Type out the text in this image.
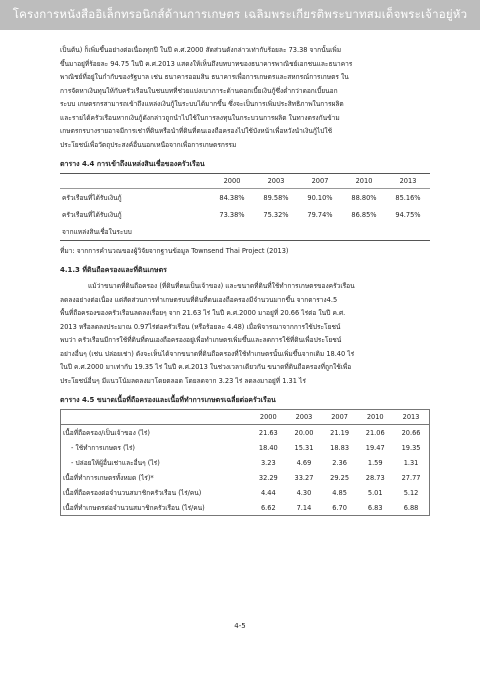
โครงการหนังสืออิเล็กทรอนิกส์ด้านการเกษตร เฉลิมพระเกียรติพระบาทสมเด็จพระเจ้าอยู่หัว
เป็นต้น) ก็เพิ่มขึ้นอย่างต่อเนื่องทุกปี ในปี ค.ศ.2000 สัดส่วนดังกล่าวเท่ากับร้อยละ 73.38 จากนั้นเพิ่ม
ขึ้นมาอยู่ที่ร้อยละ 94.75 ในปี ค.ศ.2013 แสดงให้เห็นถึงบทบาทของธนาคารพาณิชย์เอกชนและธนาคาร
พาณิชย์ที่อยู่ในกำกับของรัฐบาล เช่น ธนาคารออมสิน ธนาคารเพื่อการเกษตรและสหกรณ์การเกษตร ใน
การจัดหาเงินทุนให้กับครัวเรือนในชนบทที่ช่วยแบ่งเบาภาระด้านดอกเบี้ยเงินกู้ซึ่งต่ำกว่าดอกเบี้ยนอก
ระบบ เกษตรกรสามารถเข้าถึงแหล่งเงินกู้ในระบบได้มากขึ้น ซึ่งจะเป็นการเพิ่มประสิทธิภาพในการผลิต
และรายได้ครัวเรือนหากเงินกู้ดังกล่าวถูกนำไปใช้ในการลงทุนในกระบวนการผลิต ในทางตรงกันข้าม
เกษตรกรบางรายอาจมีการเช่าที่ดินหรือนำที่ดินที่ตนเองถือครองไปใช้บังหน้าเพื่อหวังนำเงินกู้ไปใช้
ประโยชน์เพื่อวัตถุประสงค์อื่นนอกเหนือจากเพื่อการเกษตรกรรม
ตาราง 4.4 การเข้าถึงแหล่งสินเชื่อของครัวเรือน
	2000	2003	2007	2010	2013
ครัวเรือนที่ได้รับเงินกู้	84.38%	89.58%	90.10%	88.80%	85.16%
ครัวเรือนที่ได้รับเงินกู้	73.38%	75.32%	79.74%	86.85%	94.75%
จากแหล่งสินเชื่อในระบบ					
ที่มา: จากการคำนวณของผู้วิจัยจากฐานข้อมูล Townsend Thai Project (2013)
4.1.3 ที่ดินถือครองและที่ดินเกษตร
แม้ว่าขนาดที่ดินถือครอง (ที่ดินที่ตนเป็นเจ้าของ) และขนาดที่ดินที่ใช้ทำการเกษตรของครัวเรือน
ลดลงอย่างต่อเนื่อง แต่สัดส่วนการทำเกษตรบนที่ดินที่ตนเองถือครองมีจำนวนมากขึ้น จากตาราง4.5
พื้นที่ถือครองของครัวเรือนลดลงเรื่อยๆ จาก 21.63 ไร่ ในปี ค.ศ.2000 มาอยู่ที่ 20.66 ไร่ต่อ ในปี ค.ศ.
2013 หรือลดลงประมาณ 0.97ไร่ต่อครัวเรือน (หรือร้อยละ 4.48) เมื่อพิจารณาจากการใช้ประโยชน์
พบว่า ครัวเรือนมีการใช้ที่ดินที่ตนเองถือครองอยู่เพื่อทำเกษตรเพิ่มขึ้นและลดการใช้ที่ดินเพื่อประโยชน์
อย่างอื่นๆ (เช่น ปล่อยเช่า) ดังจะเห็นได้จากขนาดที่ดินถือครองที่ใช้ทำเกษตรนั้นเพิ่มขึ้นจากเดิม 18.40 ไร่
ในปี ค.ศ.2000 มาเท่ากับ 19.35 ไร่ ในปี ค.ศ.2013 ในช่วงเวลาเดียวกัน ขนาดที่ดินถือครองที่ถูกใช้เพื่อ
ประโยชน์อื่นๆ มีแนวโน้มลดลงมาโดยตลอด โดยลดจาก 3.23 ไร่ ลดลงมาอยู่ที่ 1.31 ไร่
ตาราง 4.5 ขนาดเนื้อที่ถือครองและเนื้อที่ทำการเกษตรเฉลี่ยต่อครัวเรือน
	2000	2003	2007	2010	2013
เนื้อที่ถือครอง/เป็นเจ้าของ (ไร่)	21.63	20.00	21.19	21.06	20.66
- ใช้ทำการเกษตร (ไร่)	18.40	15.31	18.83	19.47	19.35
- ปล่อยให้ผู้อื่นเช่าและอื่นๆ (ไร่)	3.23	4.69	2.36	1.59	1.31
เนื้อที่ทำการเกษตรทั้งหมด (ไร่)*	32.29	33.27	29.25	28.73	27.77
เนื้อที่ถือครองต่อจำนวนสมาชิกครัวเรือน (ไร่/คน)	4.44	4.30	4.85	5.01	5.12
เนื้อที่ทำเกษตรต่อจำนวนสมาชิกครัวเรือน (ไร่/คน)	6.62	7.14	6.70	6.83	6.88
4-5
